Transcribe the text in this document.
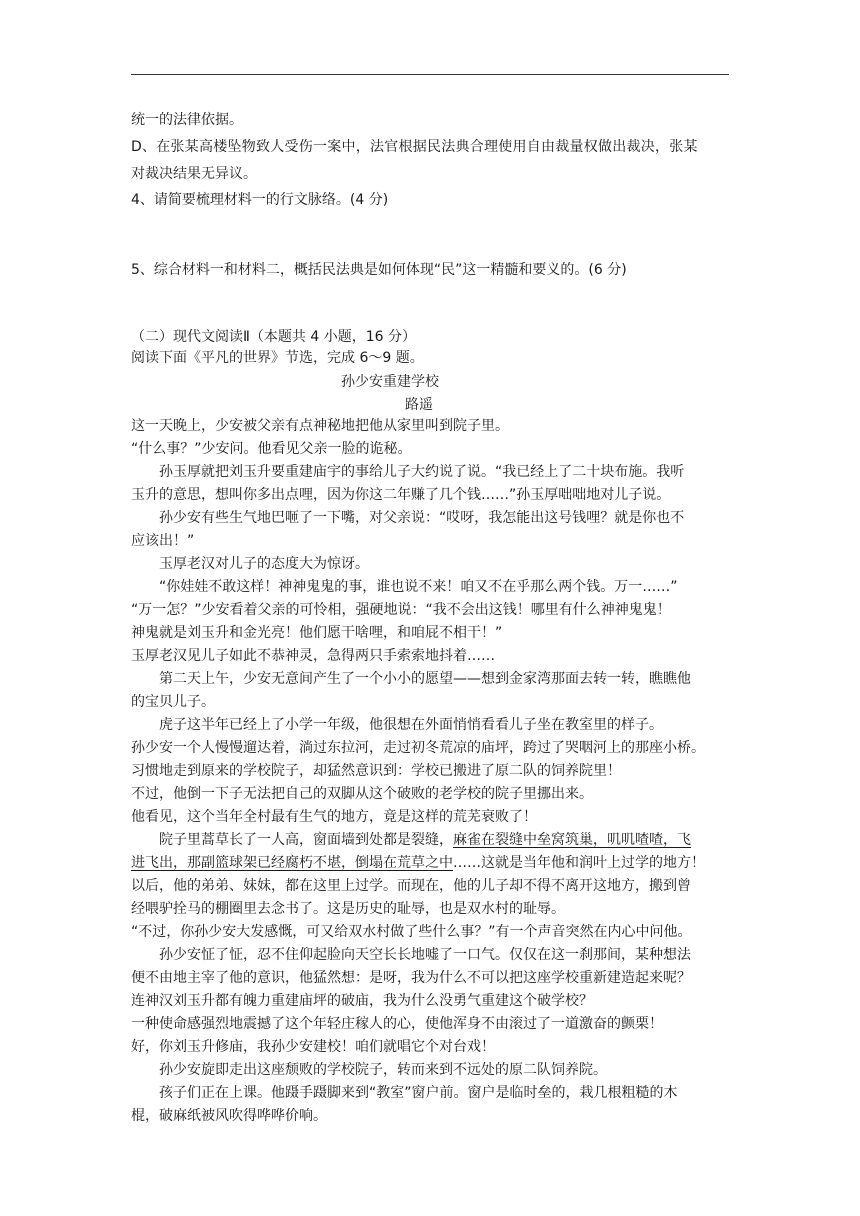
统一的法律依据。
D、在张某高楼坠物致人受伤一案中，法官根据民法典合理使用自由裁量权做出裁决，张某
对裁决结果无异议。
4、请简要梳理材料一的行文脉络。(4 分)
5、综合材料一和材料二，概括民法典是如何体现“民”这一精髓和要义的。(6 分)
（二）现代文阅读Ⅱ（本题共 4 小题，16 分）
阅读下面《平凡的世界》节选，完成 6～9 题。
孙少安重建学校
路遥
这一天晚上，少安被父亲有点神秘地把他从家里叫到院子里。
“什么事？”少安问。他看见父亲一脸的诡秘。
孙玉厚就把刘玉升要重建庙宇的事给儿子大约说了说。“我已经上了二十块布施。我听
玉升的意思，想叫你多出点哩，因为你这二年赚了几个钱……”孙玉厚咄咄地对儿子说。
孙少安有些生气地巴咂了一下嘴，对父亲说：“哎呀，我怎能出这号钱哩？就是你也不
应该出！”
玉厚老汉对儿子的态度大为惊讶。
“你娃娃不敢这样！神神鬼鬼的事，谁也说不来！咱又不在乎那么两个钱。万一……”
“万一怎？”少安看着父亲的可怜相，强硬地说：“我不会出这钱！哪里有什么神神鬼鬼！
神鬼就是刘玉升和金光亮！他们愿干啥哩，和咱屁不相干！”
玉厚老汉见儿子如此不恭神灵，急得两只手索索地抖着……
第二天上午，少安无意间产生了一个小小的愿望——想到金家湾那面去转一转，瞧瞧他
的宝贝儿子。
虎子这半年已经上了小学一年级，他很想在外面悄悄看看儿子坐在教室里的样子。
孙少安一个人慢慢遛达着，淌过东拉河，走过初冬荒凉的庙坪，跨过了哭咽河上的那座小桥。
习惯地走到原来的学校院子，却猛然意识到：学校已搬进了原二队的饲养院里！
不过，他倒一下子无法把自己的双脚从这个破败的老学校的院子里挪出来。
他看见，这个当年全村最有生气的地方，竟是这样的荒芜衰败了！
院子里蒿草长了一人高，窗面墙到处都是裂缝，麻雀在裂缝中垒窝筑巢，叽叽喳喳，飞
进飞出，那副篮球架已经腐朽不堪，倒塌在荒草之中……这就是当年他和润叶上过学的地方！
以后，他的弟弟、妹妹，都在这里上过学。而现在，他的儿子却不得不离开这地方，搬到曾
经喂驴拴马的棚圈里去念书了。这是历史的耻辱，也是双水村的耻辱。
“不过，你孙少安大发感慨，可又给双水村做了些什么事？”有一个声音突然在内心中问他。
孙少安怔了怔，忍不住仰起脸向天空长长地嘘了一口气。仅仅在这一刹那间，某种想法
便不由地主宰了他的意识，他猛然想：是呀，我为什么不可以把这座学校重新建造起来呢？
连神汉刘玉升都有魄力重建庙坪的破庙，我为什么没勇气重建这个破学校？
一种使命感强烈地震撼了这个年轻庄稼人的心，使他浑身不由滚过了一道激奋的颤栗！
好，你刘玉升修庙，我孙少安建校！咱们就唱它个对台戏！
孙少安旋即走出这座颓败的学校院子，转而来到不远处的原二队饲养院。
孩子们正在上课。他蹑手蹑脚来到“教室”窗户前。窗户是临时垒的，栽几根粗糙的木
棍，破麻纸被风吹得哗哗价响。
